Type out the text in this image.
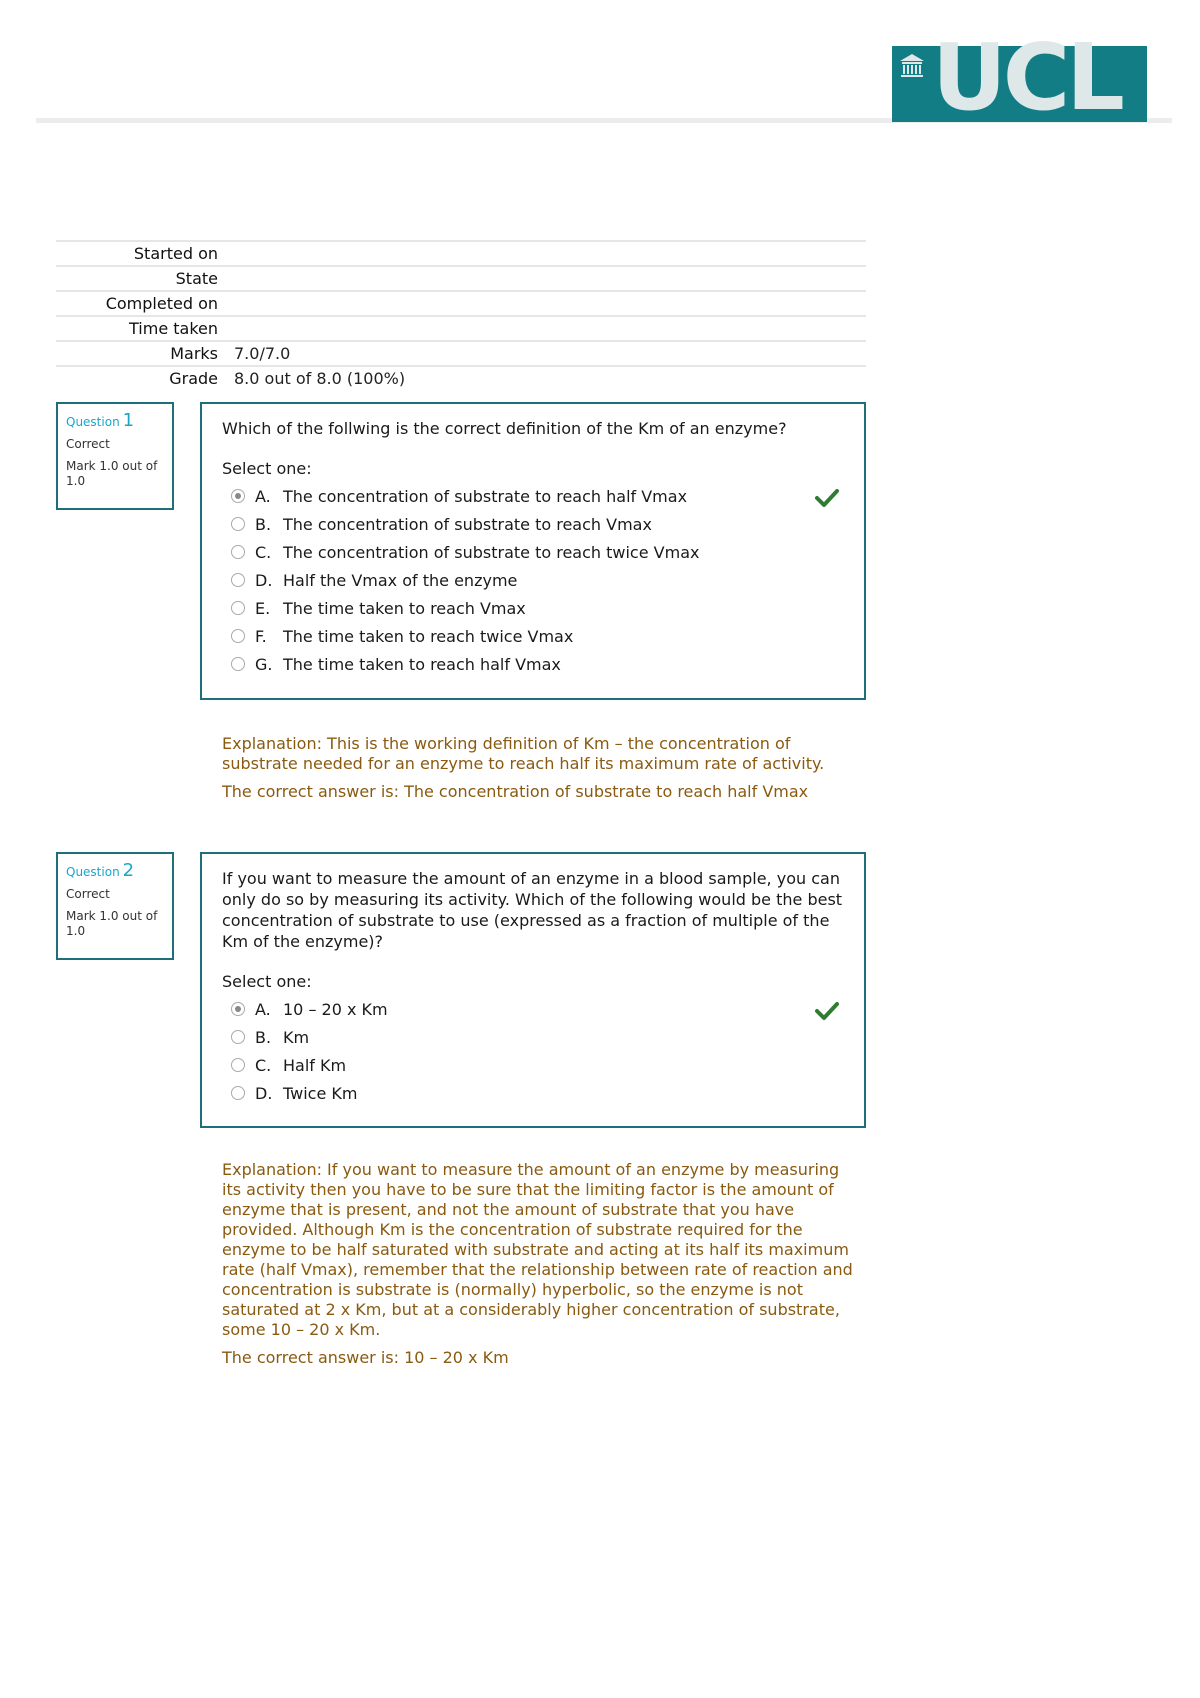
UCL
Started on	
State	
Completed on	
Time taken	
Marks	7.0/7.0
Grade	8.0 out of 8.0 (100%)
Question 1
Correct
Mark 1.0 out of 1.0
Which of the follwing is the correct definition of the Km of an enzyme?
Select one:
A. The concentration of substrate to reach half Vmax
B. The concentration of substrate to reach Vmax
C. The concentration of substrate to reach twice Vmax
D. Half the Vmax of the enzyme
E. The time taken to reach Vmax
F.	The time taken to reach twice Vmax
G. The time taken to reach half Vmax

Explanation: This is the working definition of Km – the concentration of substrate needed for an enzyme to reach half its maximum rate of activity.

The correct answer is: The concentration of substrate to reach half Vmax

Question 2
Correct
Mark 1.0 out of 1.0
If you want to measure the amount of an enzyme in a blood sample, you can only do so by measuring its activity. Which of the following would be the best concentration of substrate to use (expressed as a fraction of multiple of the Km of the enzyme)?
Select one:
A. 10 – 20 x Km
B. Km
C. Half Km
D. Twice Km

Explanation: If you want to measure the amount of an enzyme by measuring its activity then you have to be sure that the limiting factor is the amount of enzyme that is present, and not the amount of substrate that you have provided. Although Km is the concentration of substrate required for the enzyme to be half saturated with substrate and acting at its half its maximum rate (half Vmax), remember that the relationship between rate of reaction and concentration is substrate is (normally) hyperbolic, so the enzyme is not saturated at 2 x Km, but at a considerably higher concentration of substrate, some 10 – 20 x Km.

The correct answer is: 10 – 20 x Km
